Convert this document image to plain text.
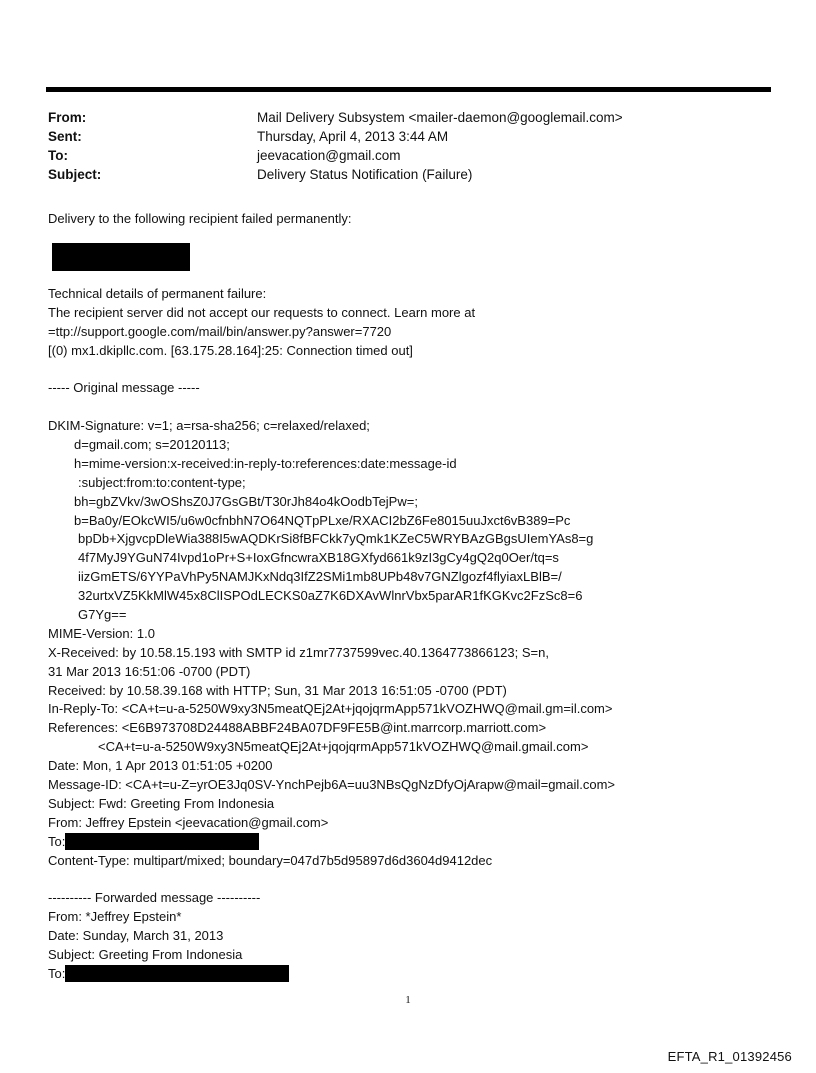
From:	Mail Delivery Subsystem <mailer-daemon@googlemail.com>
Sent:	Thursday, April 4, 2013 3:44 AM
To:	jeevacation@gmail.com
Subject:	Delivery Status Notification (Failure)
Delivery to the following recipient failed permanently:
Technical details of permanent failure:
The recipient server did not accept our requests to connect. Learn more at
=ttp://support.google.com/mail/bin/answer.py?answer=7720
[(0) mx1.dkipllc.com. [63.175.28.164]:25: Connection timed out]
----- Original message -----
DKIM-Signature: v=1; a=rsa-sha256; c=relaxed/relaxed;
d=gmail.com; s=20120113;
h=mime-version:x-received:in-reply-to:references:date:message-id
:subject:from:to:content-type;
bh=gbZVkv/3wOShsZ0J7GsGBt/T30rJh84o4kOodbTejPw=;
b=Ba0y/EOkcWI5/u6w0cfnbhN7O64NQTpPLxe/RXACI2bZ6Fe8015uuJxct6vB389=Pc
bpDb+XjgvcpDleWia388I5wAQDKrSi8fBFCkk7yQmk1KZeC5WRYBAzGBgsUIemYAs8=g
4f7MyJ9YGuN74Ivpd1oPr+S+IoxGfncwraXB18GXfyd661k9zI3gCy4gQ2q0Oer/tq=s
iizGmETS/6YYPaVhPy5NAMJKxNdq3IfZ2SMi1mb8UPb48v7GNZlgozf4flyiaxLBlB=/
32urtxVZ5KkMlW45x8ClISPOdLECKS0aZ7K6DXAvWlnrVbx5parAR1fKGKvc2FzSc8=6
G7Yg==
MIME-Version: 1.0
X-Received: by 10.58.15.193 with SMTP id z1mr7737599vec.40.1364773866123; S=n,
31 Mar 2013 16:51:06 -0700 (PDT)
Received: by 10.58.39.168 with HTTP; Sun, 31 Mar 2013 16:51:05 -0700 (PDT)
In-Reply-To: <CA+t=u-a-5250W9xy3N5meatQEj2At+jqojqrmApp571kVOZHWQ@mail.gm=il.com>
References: <E6B973708D24488ABBF24BA07DF9FE5B@int.marrcorp.marriott.com>
<CA+t=u-a-5250W9xy3N5meatQEj2At+jqojqrmApp571kVOZHWQ@mail.gmail.com>
Date: Mon, 1 Apr 2013 01:51:05 +0200
Message-ID: <CA+t=u-Z=yrOE3Jq0SV-YnchPejb6A=uu3NBsQgNzDfyOjArapw@mail=gmail.com>
Subject: Fwd: Greeting From Indonesia
From: Jeffrey Epstein <jeevacation@gmail.com>
To:
Content-Type: multipart/mixed; boundary=047d7b5d95897d6d3604d9412dec
---------- Forwarded message ----------
From: *Jeffrey Epstein*
Date: Sunday, March 31, 2013
Subject: Greeting From Indonesia
To:
1
EFTA_R1_01392456
